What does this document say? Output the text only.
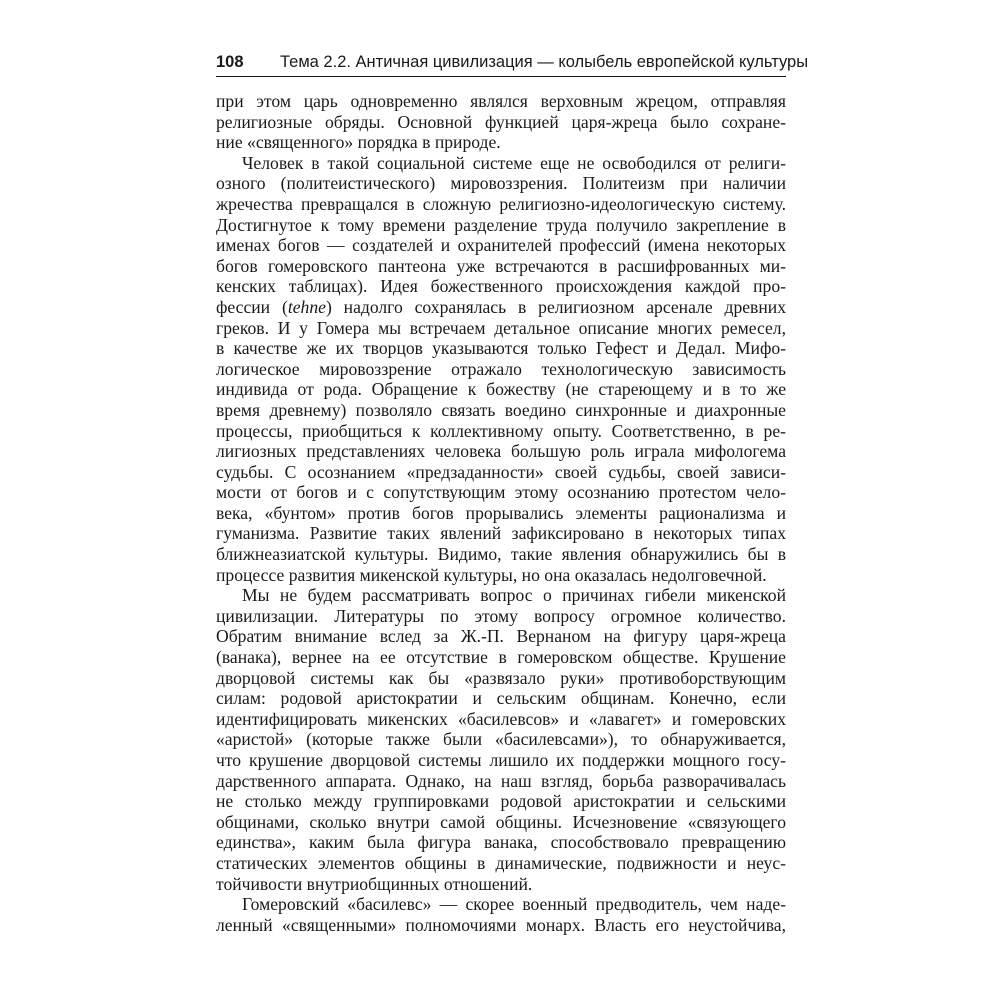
108	Тема 2.2. Античная цивилизация — колыбель европейской культуры
при этом царь одновременно являлся верховным жрецом, отправляя
религиозные обряды. Основной функцией царя-жреца было сохране-
ние «священного» порядка в природе.
Человек в такой социальной системе еще не освободился от религи-
озного (политеистического) мировоззрения. Политеизм при наличии
жречества превращался в сложную религиозно-идеологическую систему.
Достигнутое к тому времени разделение труда получило закрепление в
именах богов — создателей и охранителей профессий (имена некоторых
богов гомеровского пантеона уже встречаются в расшифрованных ми-
кенских таблицах). Идея божественного происхождения каждой про-
фессии (tehne) надолго сохранялась в религиозном арсенале древних
греков. И у Гомера мы встречаем детальное описание многих ремесел,
в качестве же их творцов указываются только Гефест и Дедал. Мифо-
логическое мировоззрение отражало технологическую зависимость
индивида от рода. Обращение к божеству (не стареющему и в то же
время древнему) позволяло связать воедино синхронные и диахронные
процессы, приобщиться к коллективному опыту. Соответственно, в ре-
лигиозных представлениях человека большую роль играла мифологема
судьбы. С осознанием «предзаданности» своей судьбы, своей зависи-
мости от богов и с сопутствующим этому осознанию протестом чело-
века, «бунтом» против богов прорывались элементы рационализма и
гуманизма. Развитие таких явлений зафиксировано в некоторых типах
ближнеазиатской культуры. Видимо, такие явления обнаружились бы в
процессе развития микенской культуры, но она оказалась недолговечной.
Мы не будем рассматривать вопрос о причинах гибели микенской
цивилизации. Литературы по этому вопросу огромное количество.
Обратим внимание вслед за Ж.-П. Вернаном на фигуру царя-жреца
(ванака), вернее на ее отсутствие в гомеровском обществе. Крушение
дворцовой системы как бы «развязало руки» противоборствующим
силам: родовой аристократии и сельским общинам. Конечно, если
идентифицировать микенских «басилевсов» и «лавагет» и гомеровских
«аристой» (которые также были «басилевсами»), то обнаруживается,
что крушение дворцовой системы лишило их поддержки мощного госу-
дарственного аппарата. Однако, на наш взгляд, борьба разворачивалась
не столько между группировками родовой аристократии и сельскими
общинами, сколько внутри самой общины. Исчезновение «связующего
единства», каким была фигура ванака, способствовало превращению
статических элементов общины в динамические, подвижности и неус-
тойчивости внутриобщинных отношений.
Гомеровский «басилевс» — скорее военный предводитель, чем наде-
ленный «священными» полномочиями монарх. Власть его неустойчива,
